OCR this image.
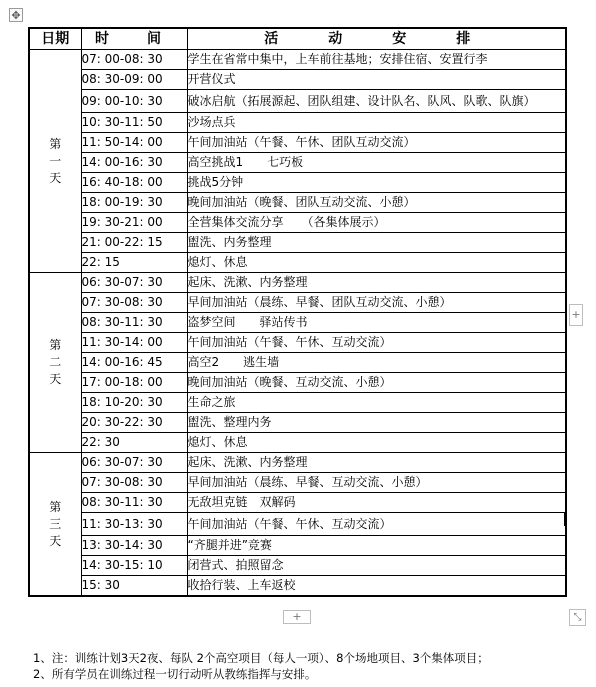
✥
日期	时　间	活　动　安　排

第
一
天	07: 00-08: 30	学生在省常中集中，上车前往基地；安排住宿、安置行李
	08: 30-09: 00	开营仪式
	09: 00-10: 30	破冰启航（拓展源起、团队组建、设计队名、队风、队歌、队旗）
	10: 30-11: 50	沙场点兵
	11: 50-14: 00	午间加油站（午餐、午休、团队互动交流）
	14: 00-16: 30	高空挑战1　　七巧板
	16: 40-18: 00	挑战5分钟
	18: 00-19: 30	晚间加油站（晚餐、团队互动交流、小憩）
	19: 30-21: 00	全营集体交流分享　　（各集体展示）
	21: 00-22: 15	盥洗、内务整理
	22: 15	熄灯、休息

第
二
天	06: 30-07: 30	起床、洗漱、内务整理
	07: 30-08: 30	早间加油站（晨练、早餐、团队互动交流、小憩）
	08: 30-11: 30	盗梦空间　　驿站传书
	11: 30-14: 00	午间加油站（午餐、午休、互动交流）
	14: 00-16: 45	高空2　　逃生墙
	17: 00-18: 00	晚间加油站（晚餐、互动交流、小憩）
	18: 10-20: 30	生命之旅
	20: 30-22: 30	盥洗、整理内务
	22: 30	熄灯、休息

第
三
天	06: 30-07: 30	起床、洗漱、内务整理
	07: 30-08: 30	早间加油站（晨练、早餐、互动交流、小憩）
	08: 30-11: 30	无敌坦克链　双解码
	11: 30-13: 30	午间加油站（午餐、午休、互动交流）
	13: 30-14: 30	“齐腿并进”竞赛
	14: 30-15: 10	闭营式、拍照留念
	15: 30	收拾行装、上车返校
+
+	⤡

1、注：训练计划3天2夜、每队 2个高空项目（每人一项）、8个场地项目、3个集体项目；

2、所有学员在训练过程一切行动听从教练指挥与安排。
